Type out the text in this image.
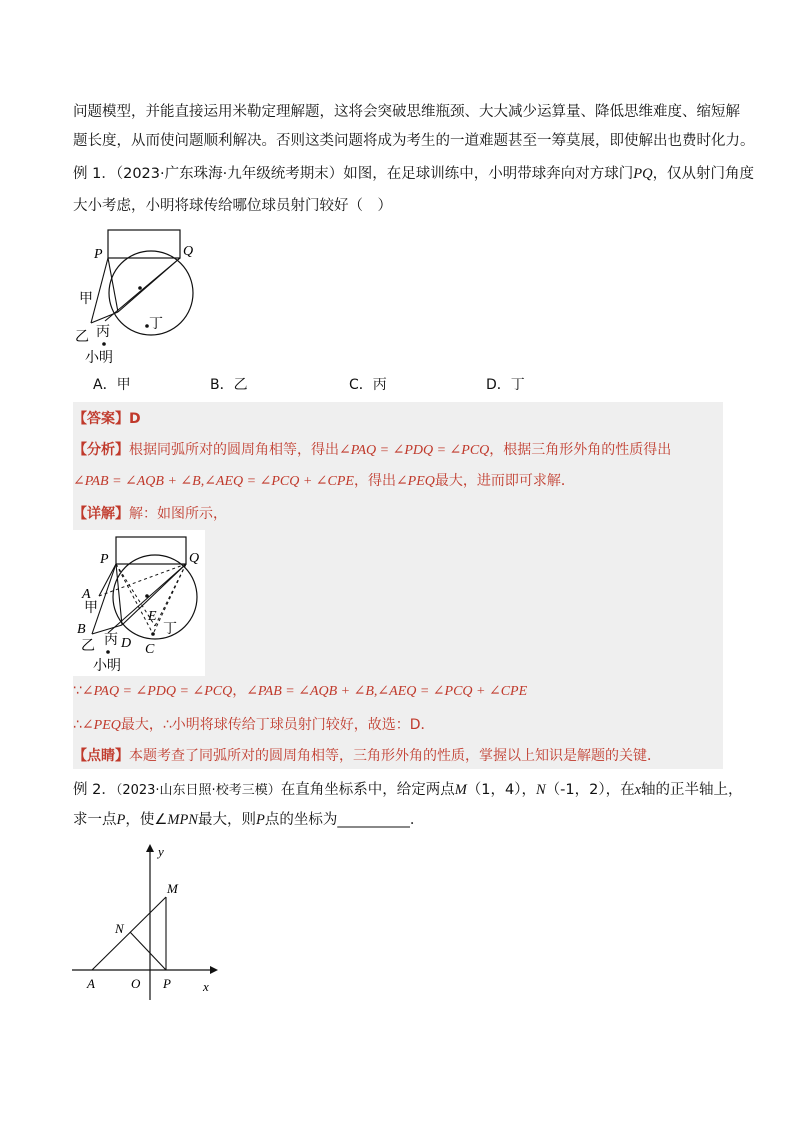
问题模型，并能直接运用米勒定理解题，这将会突破思维瓶颈、大大减少运算量、降低思维难度、缩短解

题长度，从而使问题顺利解决。否则这类问题将成为考生的一道难题甚至一筹莫展，即使解出也费时化力。

例 1．（2023·广东珠海·九年级统考期末）如图，在足球训练中，小明带球奔向对方球门PQ，仅从射门角度

大小考虑，小明将球传给哪位球员射门较好（　）

P	Q
甲
乙 丙	丁
小明
A．甲	B．乙	C．丙	D．丁
【答案】D
【分析】根据同弧所对的圆周角相等，得出∠PAQ = ∠PDQ = ∠PCQ，根据三角形外角的性质得出
∠PAB = ∠AQB + ∠B,∠AEQ = ∠PCQ + ∠CPE，得出∠PEQ最大，进而即可求解．
【详解】解：如图所示，
P	Q
A
甲
B
乙 丙 D
E
丁
C
小明
∵∠PAQ = ∠PDQ = ∠PCQ，∠PAB = ∠AQB + ∠B,∠AEQ = ∠PCQ + ∠CPE
∴∠PEQ最大，∴小明将球传给丁球员射门较好，故选：D．
【点睛】本题考查了同弧所对的圆周角相等，三角形外角的性质，掌握以上知识是解题的关键．

例 2．（2023·山东日照·校考三模）在直角坐标系中，给定两点M（1，4），N（-1，2），在x轴的正半轴上，

求一点P，使∠MPN最大，则P点的坐标为__________．

y
x
M
N
A	O P
